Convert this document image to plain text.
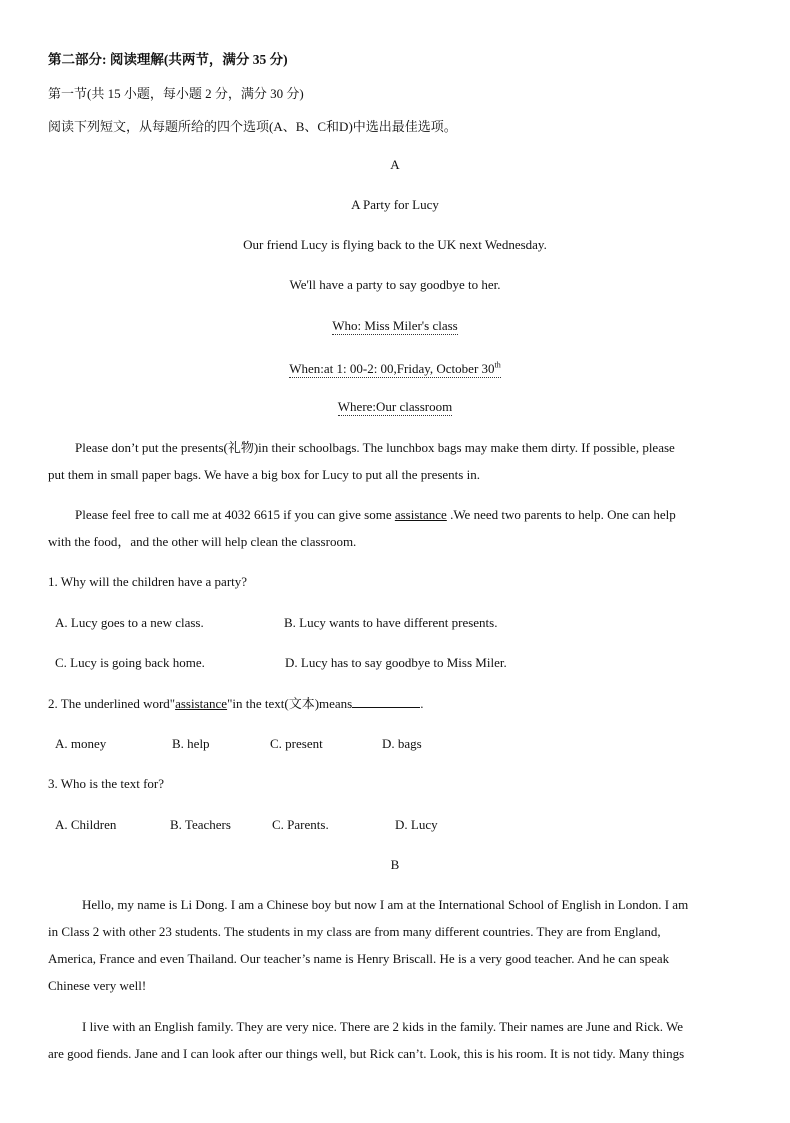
第二部分: 阅读理解(共两节，满分 35 分)
第一节(共 15 小题，每小题 2 分，满分 30 分)
阅读下列短文，从每题所给的四个选项(A、B、C和D)中选出最佳选项。
A
A Party for Lucy
Our friend Lucy is flying back to the UK next Wednesday.
We'll have a party to say goodbye to her.
Who: Miss Miler's class
When:at 1: 00-2: 00,Friday, October 30th
Where:Our classroom
Please don’t put the presents(礼物)in their schoolbags. The lunchbox bags may make them dirty. If possible, please
put them in small paper bags. We have a big box for Lucy to put all the presents in.
Please feel free to call me at 4032 6615 if you can give some assistance .We need two parents to help. One can help
with the food，and the other will help clean the classroom.
1. Why will the children have a party?
A. Lucy goes to a new class.	B. Lucy wants to have different presents.
C. Lucy is going back home.	D. Lucy has to say goodbye to Miss Miler.
2. The underlined word"assistance"in the text(文本)means	.
A. money	B. help	C. present	D. bags
3. Who is the text for?
A. Children	B. Teachers	C. Parents.	D. Lucy
B
Hello, my name is Li Dong. I am a Chinese boy but now I am at the International School of English in London. I am
in Class 2 with other 23 students. The students in my class are from many different countries. They are from England,
America, France and even Thailand. Our teacher’s name is Henry Briscall. He is a very good teacher. And he can speak
Chinese very well!
I live with an English family. They are very nice. There are 2 kids in the family. Their names are June and Rick. We
are good fiends. Jane and I can look after our things well, but Rick can’t. Look, this is his room. It is not tidy. Many things
